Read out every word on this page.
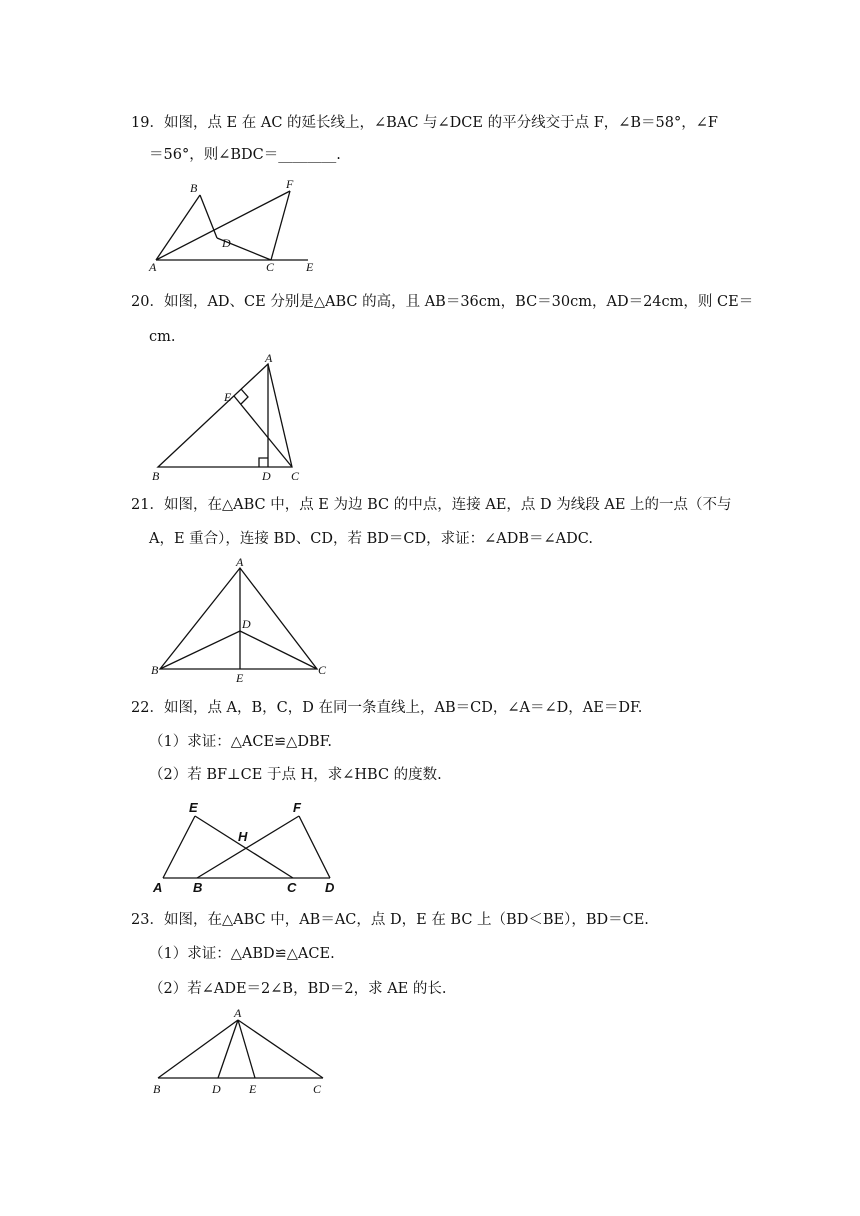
19．如图，点 E 在 AC 的延长线上，∠BAC 与∠DCE 的平分线交于点 F，∠B＝58°，∠F
＝56°，则∠BDC＝________.
B	F
D
A	C	E
20．如图，AD、CE 分别是△ABC 的高，且 AB＝36cm，BC＝30cm，AD＝24cm，则 CE＝
cm.
A
E
B	D C
21．如图，在△ABC 中，点 E 为边 BC 的中点，连接 AE，点 D 为线段 AE 上的一点（不与
A，E 重合），连接 BD、CD，若 BD＝CD，求证：∠ADB＝∠ADC.
A
D
B
E
C
22．如图，点 A，B，C，D 在同一条直线上，AB＝CD，∠A＝∠D，AE＝DF.
（1）求证：△ACE≌△DBF.
（2）若 BF⊥CE 于点 H，求∠HBC 的度数.
E	F
H
A B	C D
23．如图，在△ABC 中，AB＝AC，点 D，E 在 BC 上（BD＜BE），BD＝CE.
（1）求证：△ABD≌△ACE.
（2）若∠ADE＝2∠B，BD＝2，求 AE 的长.
A
B	D E	C
